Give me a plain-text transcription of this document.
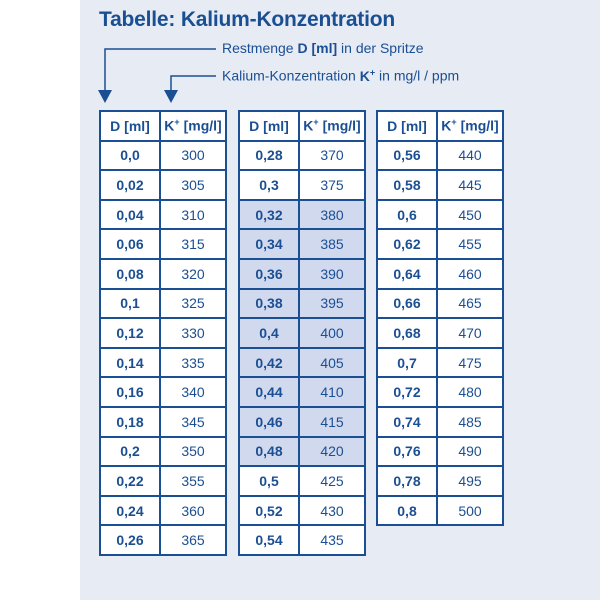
Tabelle: Kalium-Konzentration
Restmenge D [ml] in der Spritze
Kalium-Konzentration K+ in mg/l / ppm
D [ml]	K+ [mg/l]
0,0	300
0,02	305
0,04	310
0,06	315
0,08	320
0,1	325
0,12	330
0,14	335
0,16	340
0,18	345
0,2	350
0,22	355
0,24	360
0,26	365
D [ml]	K+ [mg/l]
0,28	370
0,3	375
0,32	380
0,34	385
0,36	390
0,38	395
0,4	400
0,42	405
0,44	410
0,46	415
0,48	420
0,5	425
0,52	430
0,54	435
D [ml]	K+ [mg/l]
0,56	440
0,58	445
0,6	450
0,62	455
0,64	460
0,66	465
0,68	470
0,7	475
0,72	480
0,74	485
0,76	490
0,78	495
0,8	500
